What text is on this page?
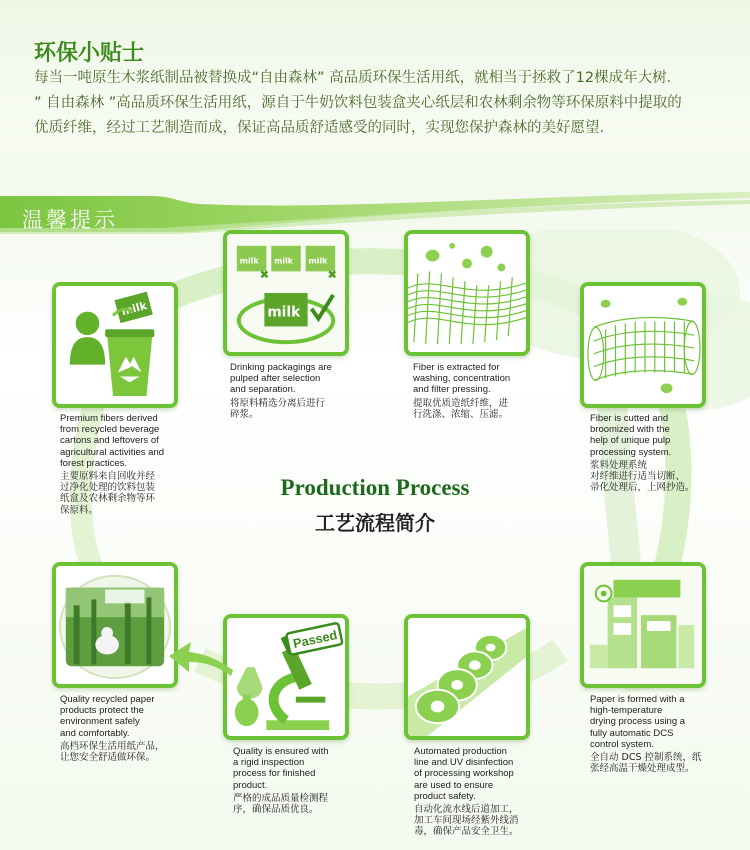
环保小贴士
每当一吨原生木浆纸制品被替换成“自由森林” 高品质环保生活用纸，就相当于拯救了12棵成年大树.
” 自由森林 ”高品质环保生活用纸，源自于牛奶饮料包装盒夹心纸层和农林剩余物等环保原料中提取的
优质纤维，经过工艺制造而成，保证高品质舒适感受的同时，实现您保护森林的美好愿望.
温馨提示
milk
Premium fibers derived
from recycled beverage
cartons and leftovers of
agricultural activities and
forest practices.
主要原料来自回收并经
过净化处理的饮料包装
纸盒及农林剩余物等环
保原料。
milk milk milk
milk
Drinking packagings are
pulped after selection
and separation.
将原料精选分离后进行
碎浆。
Fiber is extracted for
washing, concentration
and filter pressing.
提取优质造纸纤维，进
行洗涤、浓缩、压滤。	Fiber is cutted and
broomized with the
help of unique pulp
processing system.
浆料处理系统
对纤维进行适当切断、
帚化处理后，上网抄造。
Production Process
工艺流程简介
Paper is formed with a
high-temperature
drying process using a
fully automatic DCS
control system.
全自动 DCS 控制系统，纸
张经高温干燥处理成型。
Automated production
line and UV disinfection
of processing workshop
are used to ensure
product safety.
自动化流水线后道加工，
加工车间现场经紫外线消
毒，确保产品安全卫生。
Passed
Quality is ensured with
a rigid inspection
process for finished
product.
严格的成品质量检测程
序，确保品质优良。
Quality recycled paper
products protect the
environment safely
and comfortably.
高档环保生活用纸产品，
让您安全舒适做环保。
